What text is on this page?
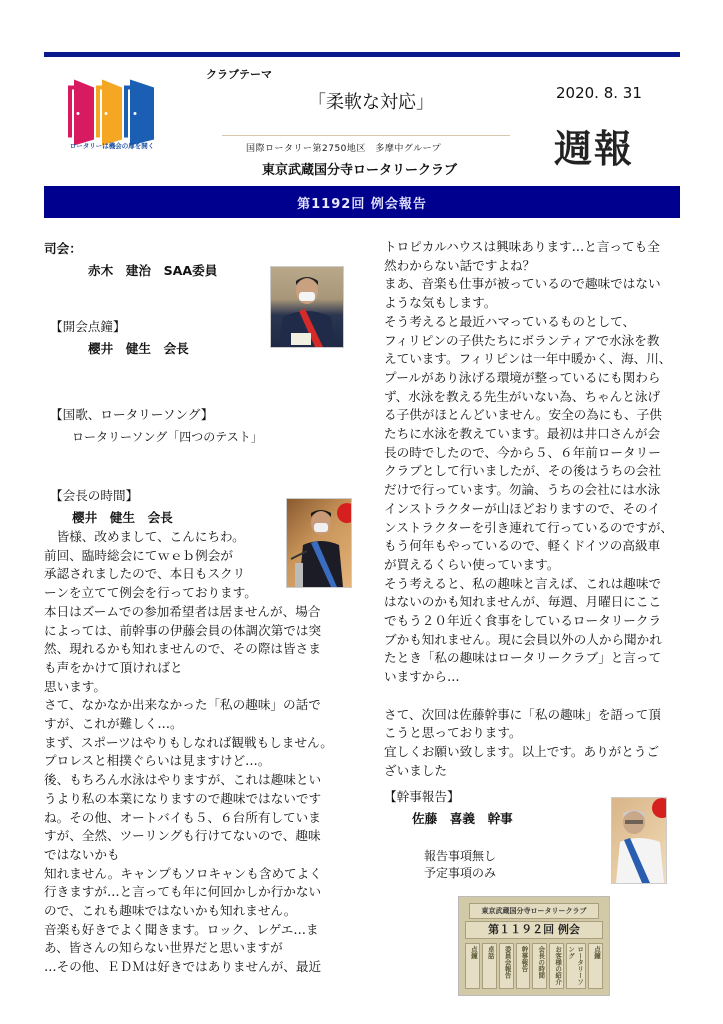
ロータリーは機会の扉を開く
クラブテーマ
「柔軟な対応」
国際ロータリー第2750地区　多摩中グループ
東京武蔵国分寺ロータリークラブ
2020. 8. 31
週報
第1192回 例会報告
司会：
赤木　建治　SAA委員
【開会点鐘】
櫻井　健生　会長
【国歌、ロータリーソング】
ロータリーソング「四つのテスト」
【会長の時間】
櫻井　健生　会長
　皆様、改めまして、こんにちわ。
前回、臨時総会にてｗｅｂ例会が
承認されましたので、本日もスクリ
ーンを立てて例会を行っております。
本日はズームでの参加希望者は居ませんが、場合
によっては、前幹事の伊藤会員の体調次第では突
然、現れるかも知れませんので、その際は皆さま
も声をかけて頂ければと
思います。
さて、なかなか出来なかった「私の趣味」の話で
すが、これが難しく…。
まず、スポーツはやりもしなれば観戦もしません。
プロレスと相撲ぐらいは見ますけど…。
後、もちろん水泳はやりますが、これは趣味とい
うより私の本業になりますので趣味ではないです
ね。その他、オートバイも５、６台所有していま
すが、全然、ツーリングも行けてないので、趣味
ではないかも
知れません。キャンプもソロキャンも含めてよく
行きますが…と言っても年に何回かしか行かない
ので、これも趣味ではないかも知れません。
音楽も好きでよく聞きます。ロック、レゲエ…ま
あ、皆さんの知らない世界だと思いますが
…その他、ＥＤＭは好きではありませんが、最近
トロピカルハウスは興味あります…と言っても全
然わからない話ですよね？
まあ、音楽も仕事が被っているので趣味ではない
ような気もします。
そう考えると最近ハマっているものとして、
フィリピンの子供たちにボランティアで水泳を教
えています。フィリピンは一年中暖かく、海、川、
プールがあり泳げる環境が整っているにも関わら
ず、水泳を教える先生がいない為、ちゃんと泳げ
る子供がほとんどいません。安全の為にも、子供
たちに水泳を教えています。最初は井口さんが会
長の時でしたので、今から５、６年前ロータリー
クラブとして行いましたが、その後はうちの会社
だけで行っています。勿論、うちの会社には水泳
インストラクターが山ほどおりますので、そのイ
ンストラクターを引き連れて行っているのですが、
もう何年もやっているので、軽くドイツの高級車
が買えるくらい使っています。
そう考えると、私の趣味と言えば、これは趣味で
はないのかも知れませんが、毎週、月曜日にここ
でもう２０年近く食事をしているロータリークラ
ブかも知れません。現に会員以外の人から聞かれ
たとき「私の趣味はロータリークラブ」と言って
いますから…
さて、次回は佐藤幹事に「私の趣味」を語って頂
こうと思っております。
宜しくお願い致します。以上です。ありがとうご
ざいました
【幹事報告】
佐藤　喜義　幹事
報告事項無し
予定事項のみ
東京武蔵国分寺ロータリークラブ
第１１９２回 例会
点鐘	卓話	委員会報告	幹事報告	会長の時間	お客様の紹介	ロータリーソング	点鐘
